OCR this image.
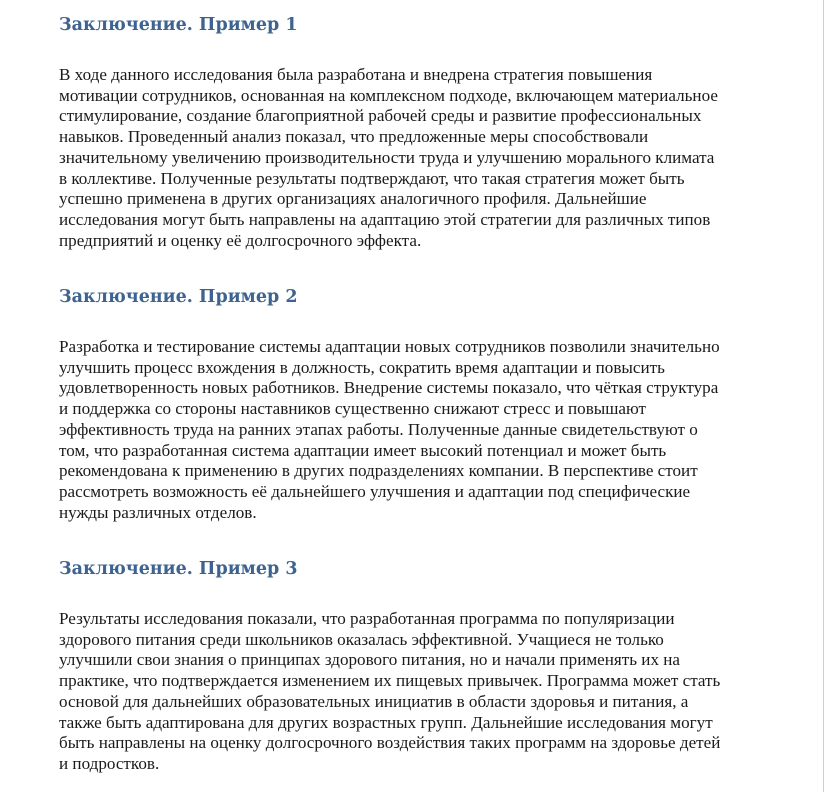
Заключение. Пример 1

В ходе данного исследования была разработана и внедрена стратегия повышения
мотивации сотрудников, основанная на комплексном подходе, включающем материальное
стимулирование, создание благоприятной рабочей среды и развитие профессиональных
навыков. Проведенный анализ показал, что предложенные меры способствовали
значительному увеличению производительности труда и улучшению морального климата
в коллективе. Полученные результаты подтверждают, что такая стратегия может быть
успешно применена в других организациях аналогичного профиля. Дальнейшие
исследования могут быть направлены на адаптацию этой стратегии для различных типов
предприятий и оценку её долгосрочного эффекта.

Заключение. Пример 2

Разработка и тестирование системы адаптации новых сотрудников позволили значительно
улучшить процесс вхождения в должность, сократить время адаптации и повысить
удовлетворенность новых работников. Внедрение системы показало, что чёткая структура
и поддержка со стороны наставников существенно снижают стресс и повышают
эффективность труда на ранних этапах работы. Полученные данные свидетельствуют о
том, что разработанная система адаптации имеет высокий потенциал и может быть
рекомендована к применению в других подразделениях компании. В перспективе стоит
рассмотреть возможность её дальнейшего улучшения и адаптации под специфические
нужды различных отделов.

Заключение. Пример 3

Результаты исследования показали, что разработанная программа по популяризации
здорового питания среди школьников оказалась эффективной. Учащиеся не только
улучшили свои знания о принципах здорового питания, но и начали применять их на
практике, что подтверждается изменением их пищевых привычек. Программа может стать
основой для дальнейших образовательных инициатив в области здоровья и питания, а
также быть адаптирована для других возрастных групп. Дальнейшие исследования могут
быть направлены на оценку долгосрочного воздействия таких программ на здоровье детей
и подростков.
